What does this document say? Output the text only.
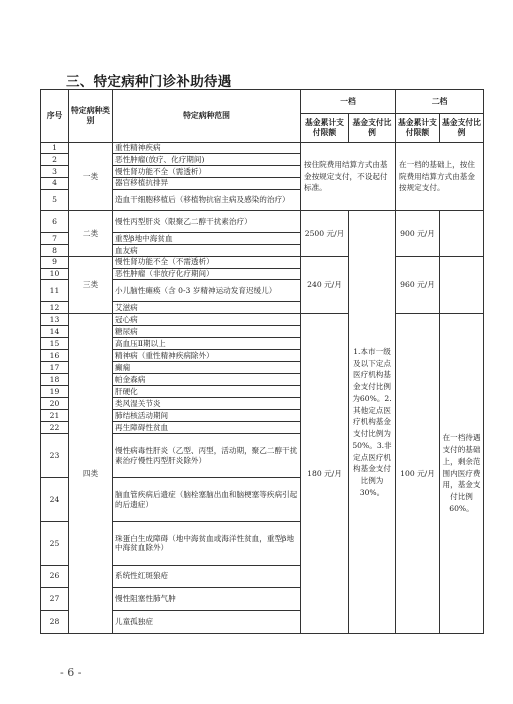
三、特定病种门诊补助待遇
序号	特定病种类别	特定病种范围	一档		二档	
			基金累计支付限额	基金支付比例	基金累计支付限额	基金支付比例
1	一类	重性精神疾病	按住院费用结算方式由基金按规定支付，不设起付标准。		在一档的基础上，按住院费用结算方式由基金按规定支付。	
2		恶性肿瘤(放疗、化疗期间)				
3		慢性肾功能不全（需透析）				
4		器官移植抗排异				
5		造血干细胞移植后（移植物抗宿主病及感染的治疗）				
6	二类	慢性丙型肝炎（限聚乙二醇干扰素治疗）	2500 元/月	1.本市一级及以下定点医疗机构基金支付比例为60%。2.其他定点医疗机构基金支付比例为50%。3.非定点医疗机构基金支付比例为30%。	900 元/月	
7		重型β地中海贫血				
8		血友病				
9	三类	慢性肾功能不全（不需透析）	240 元/月		960 元/月	
10		恶性肿瘤（非放疗化疗期间）				
11		小儿脑性瘫痪（含 0-3 岁精神运动发育迟缓儿）				
12		艾滋病				
13	四类	冠心病	180 元/月		100 元/月	在一档待遇支付的基础上，剩余范围内医疗费用，基金支付比例60%。
14		糖尿病				
15		高血压Ⅱ期以上				
16		精神病（重性精神疾病除外）				
17		癫痫				
18		帕金森病				
19		肝硬化				
20		类风湿关节炎				
21		肺结核活动期间				
22		再生障碍性贫血				
23		慢性病毒性肝炎（乙型、丙型，活动期，聚乙二醇干扰素治疗慢性丙型肝炎除外）				
24		脑血管疾病后遗症（脑栓塞脑出血和脑梗塞等疾病引起的后遗症）				
25		珠蛋白生成障碍（地中海贫血或海洋性贫血，重型β地中海贫血除外）				
26		系统性红斑狼疮				
27		慢性阻塞性肺气肿				
28		儿童孤独症				
- 6 -
